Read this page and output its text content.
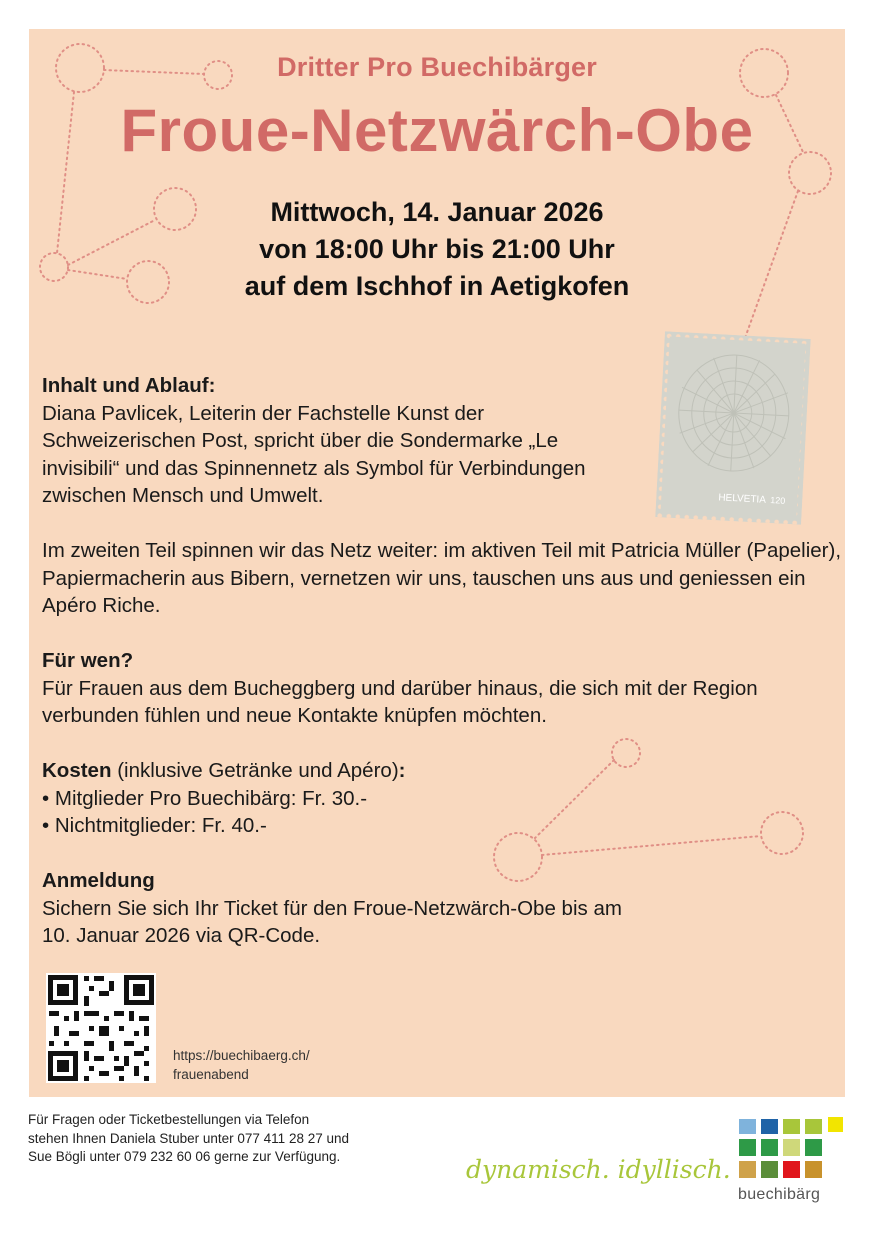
Dritter Pro Buechibärger
Froue-Netzwärch-Obe
Mittwoch, 14. Januar 2026
von 18:00 Uhr bis 21:00 Uhr
auf dem Ischhof in Aetigkofen
HELVETIA 120

Inhalt und Ablauf:
Diana Pavlicek, Leiterin der Fachstelle Kunst der Schweizerischen Post, spricht über die Sondermarke „Le invisibili“ und das Spinnennetz als Symbol für Verbindungen zwischen Mensch und Umwelt.

Im zweiten Teil spinnen wir das Netz weiter: im aktiven Teil mit Patricia Müller (Papelier), Papiermacherin aus Bibern, vernetzen wir uns, tauschen uns aus und geniessen ein Apéro Riche.

Für wen?
Für Frauen aus dem Bucheggberg und darüber hinaus, die sich mit der Region verbunden fühlen und neue Kontakte knüpfen möchten.

Kosten (inklusive Getränke und Apéro):
• Mitglieder Pro Buechibärg: Fr. 30.-
• Nichtmitglieder: Fr. 40.-

Anmeldung
Sichern Sie sich Ihr Ticket für den Froue-Netzwärch-Obe bis am
10. Januar 2026 via QR-Code.

https://buechibaerg.ch/
frauenabend
Für Fragen oder Ticketbestellungen via Telefon
stehen Ihnen Daniela Stuber unter 077 411 28 27 und
Sue Bögli unter 079 232 60 06 gerne zur Verfügung.	dynamisch. idyllisch.
buechibärg
